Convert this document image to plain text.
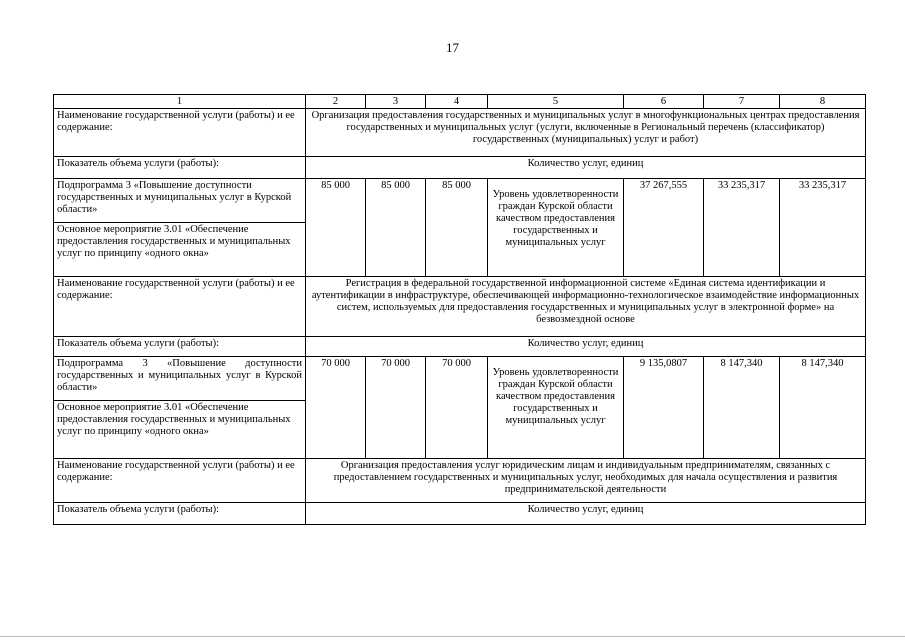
17
1	2	3	4	5	6	7	8
Наименование государственной услуги (работы) и ее содержание:	Организация предоставления государственных и муниципальных услуг в многофункциональных центрах предоставления государственных и муниципальных услуг (услуги, включенные в Региональный перечень (классификатор) государственных (муниципальных) услуг и работ)						
Показатель объема услуги (работы):	Количество услуг, единиц						
Подпрограмма 3 «Повышение доступности государственных и муниципальных услуг в Курской области»	85 000	85 000	85 000	Уровень удовлетворенности граждан Курской области качеством предоставления государственных и муниципальных услуг	37 267,555	33 235,317	33 235,317
Основное мероприятие 3.01 «Обеспечение предоставления государственных и муниципальных услуг по принципу «одного окна»							
Наименование государственной услуги (работы) и ее содержание:	Регистрация в федеральной государственной информационной системе «Единая система идентификации и аутентификации в инфраструктуре, обеспечивающей информационно-технологическое взаимодействие информационных систем, используемых для предоставления государственных и муниципальных услуг в электронной форме» на безвозмездной основе						
Показатель объема услуги (работы):	Количество услуг, единиц						
Подпрограмма 3 «Повышение доступности государственных и муниципальных услуг в Курской области»	70 000	70 000	70 000	Уровень удовлетворенности граждан Курской области качеством предоставления государственных и муниципальных услуг	9 135,0807	8 147,340	8 147,340
Основное мероприятие 3.01 «Обеспечение предоставления государственных и муниципальных услуг по принципу «одного окна»							
Наименование государственной услуги (работы) и ее содержание:	Организация предоставления услуг юридическим лицам и индивидуальным предпринимателям, связанных с предоставлением государственных и муниципальных услуг, необходимых для начала осуществления и развития предпринимательской деятельности						
Показатель объема услуги (работы):	Количество услуг, единиц						
